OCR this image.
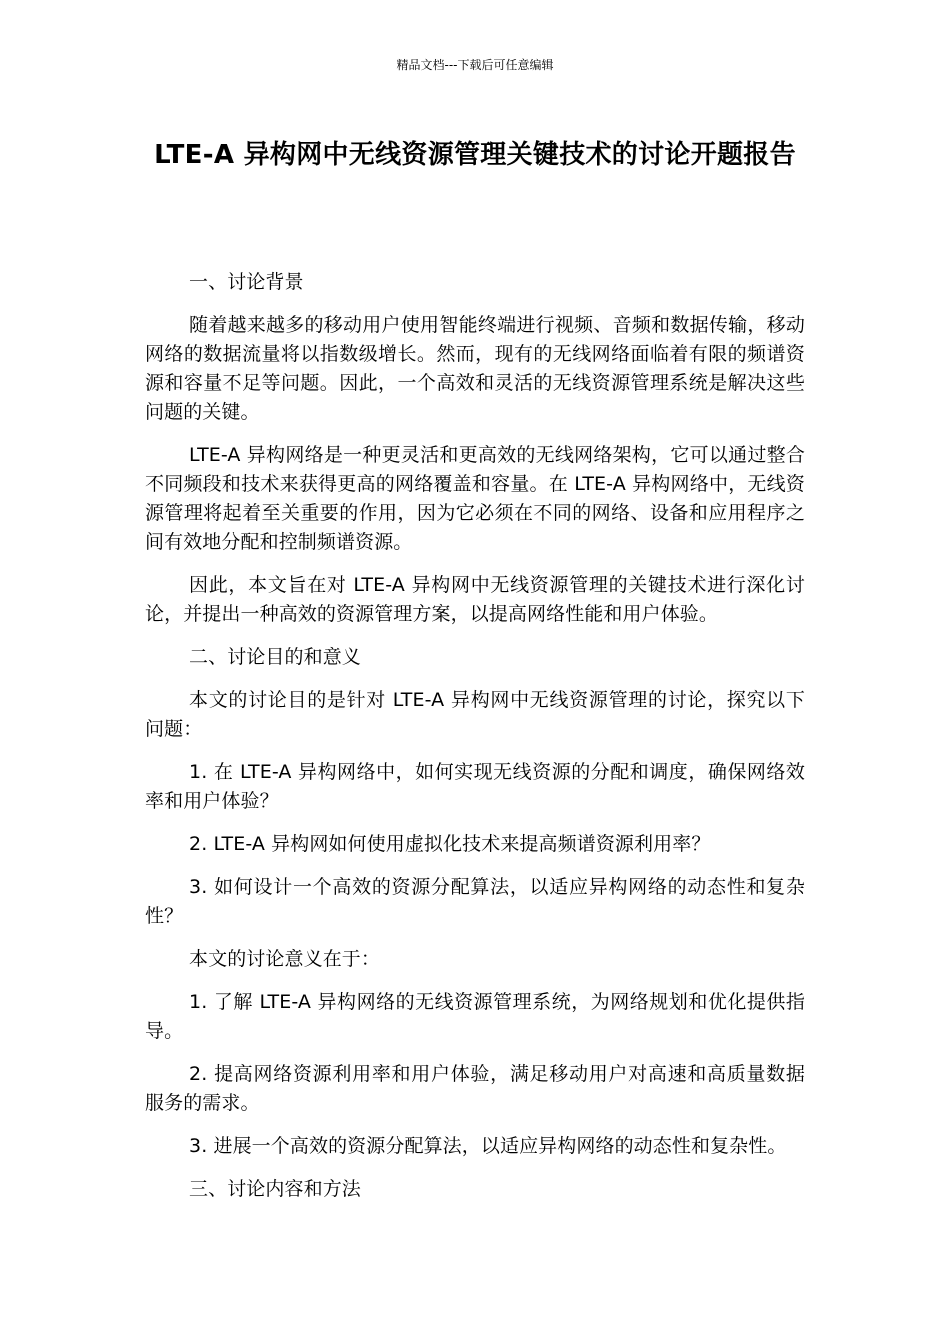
精品文档---下载后可任意编辑
LTE-A 异构网中无线资源管理关键技术的讨论开题报告

一、讨论背景

随着越来越多的移动用户使用智能终端进行视频、音频和数据传输，移动网络的数据流量将以指数级增长。然而，现有的无线网络面临着有限的频谱资源和容量不足等问题。因此，一个高效和灵活的无线资源管理系统是解决这些问题的关键。

LTE-A 异构网络是一种更灵活和更高效的无线网络架构，它可以通过整合不同频段和技术来获得更高的网络覆盖和容量。在 LTE-A 异构网络中，无线资源管理将起着至关重要的作用，因为它必须在不同的网络、设备和应用程序之间有效地分配和控制频谱资源。

因此，本文旨在对 LTE-A 异构网中无线资源管理的关键技术进行深化讨论，并提出一种高效的资源管理方案，以提高网络性能和用户体验。

二、讨论目的和意义

本文的讨论目的是针对 LTE-A 异构网中无线资源管理的讨论，探究以下问题：

1. 在 LTE-A 异构网络中，如何实现无线资源的分配和调度，确保网络效率和用户体验？

2. LTE-A 异构网如何使用虚拟化技术来提高频谱资源利用率？

3. 如何设计一个高效的资源分配算法，以适应异构网络的动态性和复杂性？

本文的讨论意义在于：

1. 了解 LTE-A 异构网络的无线资源管理系统，为网络规划和优化提供指导。

2. 提高网络资源利用率和用户体验，满足移动用户对高速和高质量数据服务的需求。

3. 进展一个高效的资源分配算法，以适应异构网络的动态性和复杂性。

三、讨论内容和方法
